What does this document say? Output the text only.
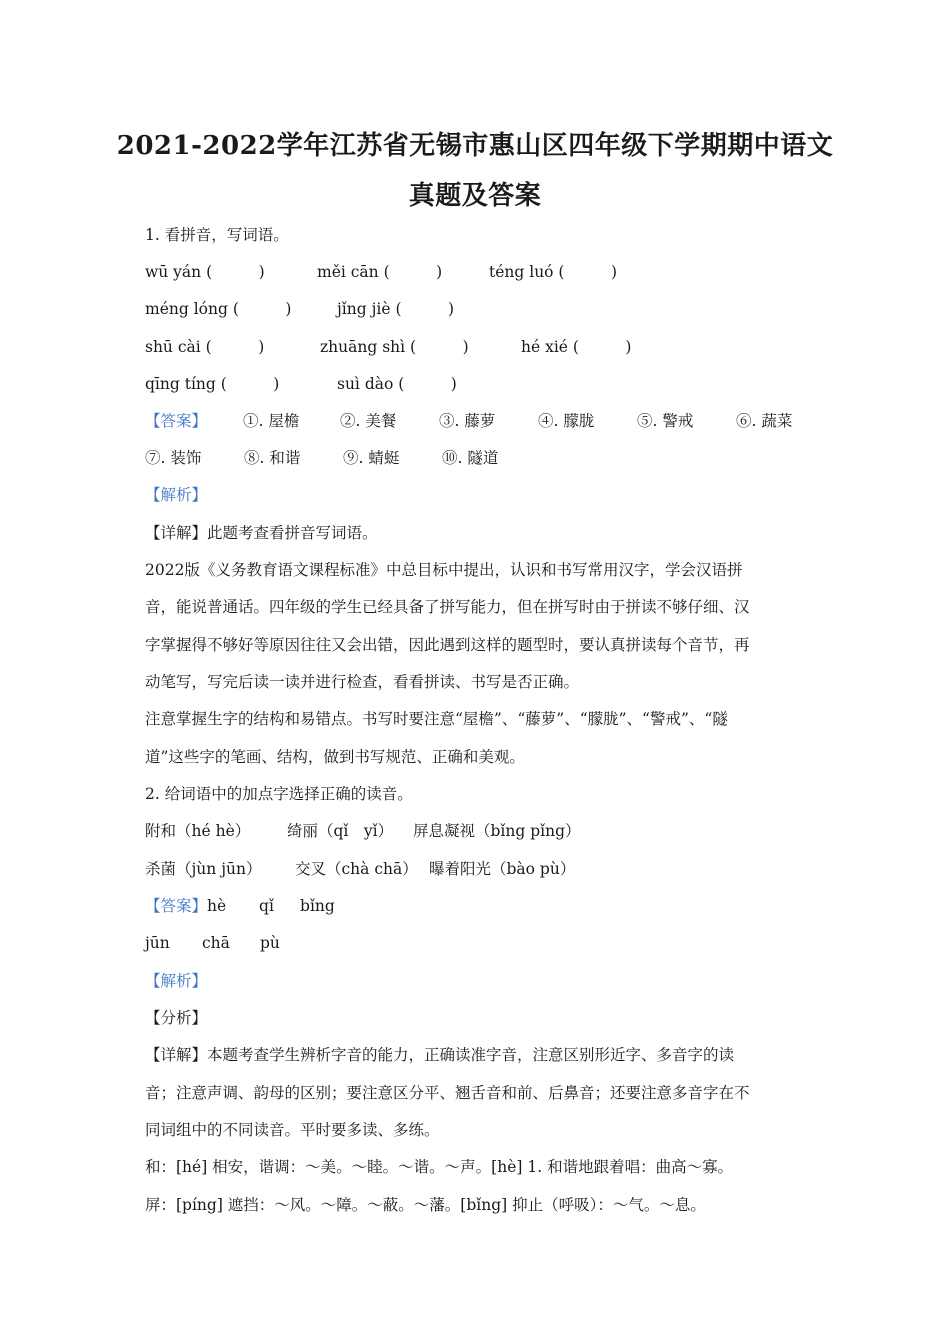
2021-2022学年江苏省无锡市惠山区四年级下学期期中语文
真题及答案
1. 看拼音，写词语。
wū yán (　　　)	měi cān (　　　)	téng luó (　　　)
méng lóng (　　　)	jǐng jiè (　　　)
shū cài (　　　)	zhuāng shì (　　　)	hé xié (　　　)
qīng tíng (　　　)	suì dào (　　　)
【答案】 ①. 屋檐	②. 美餐	③. 藤萝	④. 朦胧	⑤. 警戒	⑥. 蔬菜
⑦. 装饰	⑧. 和谐	⑨. 蜻蜓	⑩. 隧道
【解析】
【详解】此题考查看拼音写词语。
2022版《义务教育语文课程标准》中总目标中提出，认识和书写常用汉字，学会汉语拼
音，能说普通话。四年级的学生已经具备了拼写能力，但在拼写时由于拼读不够仔细、汉
字掌握得不够好等原因往往又会出错，因此遇到这样的题型时，要认真拼读每个音节，再
动笔写，写完后读一读并进行检查，看看拼读、书写是否正确。
注意掌握生字的结构和易错点。书写时要注意“屋檐”、“藤萝”、“朦胧”、“警戒”、“隧
道”这些字的笔画、结构，做到书写规范、正确和美观。
2. 给词语中的加点字选择正确的读音。
附和（hé hè） 绮丽（qǐ　yǐ） 屏息凝视（bǐng pǐng）
杀菌（jùn jūn） 交叉（chà chā） 曝着阳光（bào pù）
【答案】hè qǐ bǐng
jūn chā pù
【解析】
【分析】
【详解】本题考查学生辨析字音的能力，正确读准字音，注意区别形近字、多音字的读
音；注意声调、韵母的区别；要注意区分平、翘舌音和前、后鼻音；还要注意多音字在不
同词组中的不同读音。平时要多读、多练。
和：[hé] 相安，谐调：～美。～睦。～谐。～声。[hè] 1. 和谐地跟着唱：曲高～寡。
屏：[píng] 遮挡：～风。～障。～蔽。～藩。[bǐng] 抑止（呼吸）：～气。～息。
